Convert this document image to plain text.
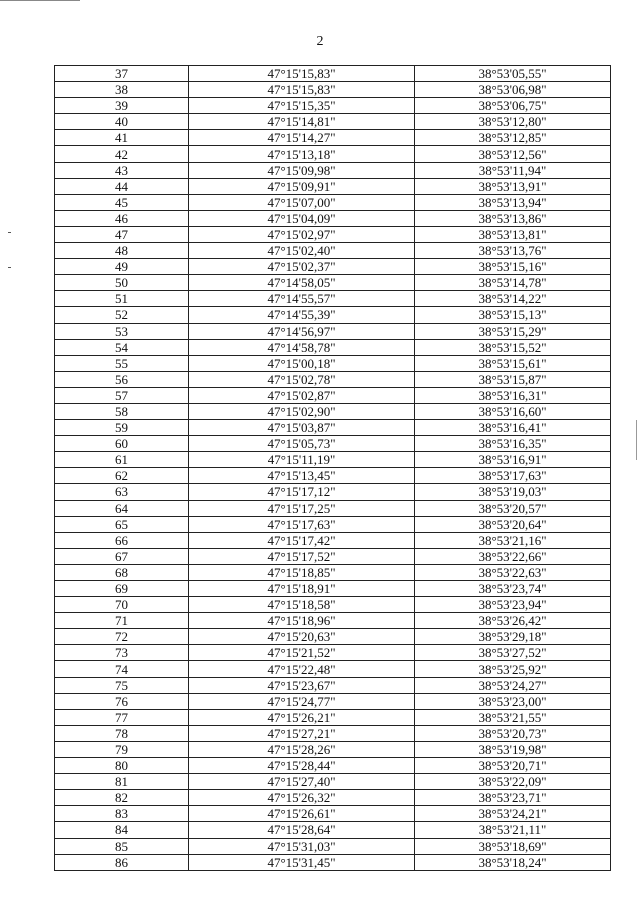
2
37	47°15'15,83"	38°53'05,55"
38	47°15'15,83"	38°53'06,98"
39	47°15'15,35"	38°53'06,75"
40	47°15'14,81"	38°53'12,80"
41	47°15'14,27"	38°53'12,85"
42	47°15'13,18"	38°53'12,56"
43	47°15'09,98"	38°53'11,94"
44	47°15'09,91"	38°53'13,91"
45	47°15'07,00"	38°53'13,94"
46	47°15'04,09"	38°53'13,86"
47	47°15'02,97"	38°53'13,81"
48	47°15'02,40"	38°53'13,76"
49	47°15'02,37"	38°53'15,16"
50	47°14'58,05"	38°53'14,78"
51	47°14'55,57"	38°53'14,22"
52	47°14'55,39"	38°53'15,13"
53	47°14'56,97"	38°53'15,29"
54	47°14'58,78"	38°53'15,52"
55	47°15'00,18"	38°53'15,61"
56	47°15'02,78"	38°53'15,87"
57	47°15'02,87"	38°53'16,31"
58	47°15'02,90"	38°53'16,60"
59	47°15'03,87"	38°53'16,41"
60	47°15'05,73"	38°53'16,35"
61	47°15'11,19"	38°53'16,91"
62	47°15'13,45"	38°53'17,63"
63	47°15'17,12"	38°53'19,03"
64	47°15'17,25"	38°53'20,57"
65	47°15'17,63"	38°53'20,64"
66	47°15'17,42"	38°53'21,16"
67	47°15'17,52"	38°53'22,66"
68	47°15'18,85"	38°53'22,63"
69	47°15'18,91"	38°53'23,74"
70	47°15'18,58"	38°53'23,94"
71	47°15'18,96"	38°53'26,42"
72	47°15'20,63"	38°53'29,18"
73	47°15'21,52"	38°53'27,52"
74	47°15'22,48"	38°53'25,92"
75	47°15'23,67"	38°53'24,27"
76	47°15'24,77"	38°53'23,00"
77	47°15'26,21"	38°53'21,55"
78	47°15'27,21"	38°53'20,73"
79	47°15'28,26"	38°53'19,98"
80	47°15'28,44"	38°53'20,71"
81	47°15'27,40"	38°53'22,09"
82	47°15'26,32"	38°53'23,71"
83	47°15'26,61"	38°53'24,21"
84	47°15'28,64"	38°53'21,11"
85	47°15'31,03"	38°53'18,69"
86	47°15'31,45"	38°53'18,24"
